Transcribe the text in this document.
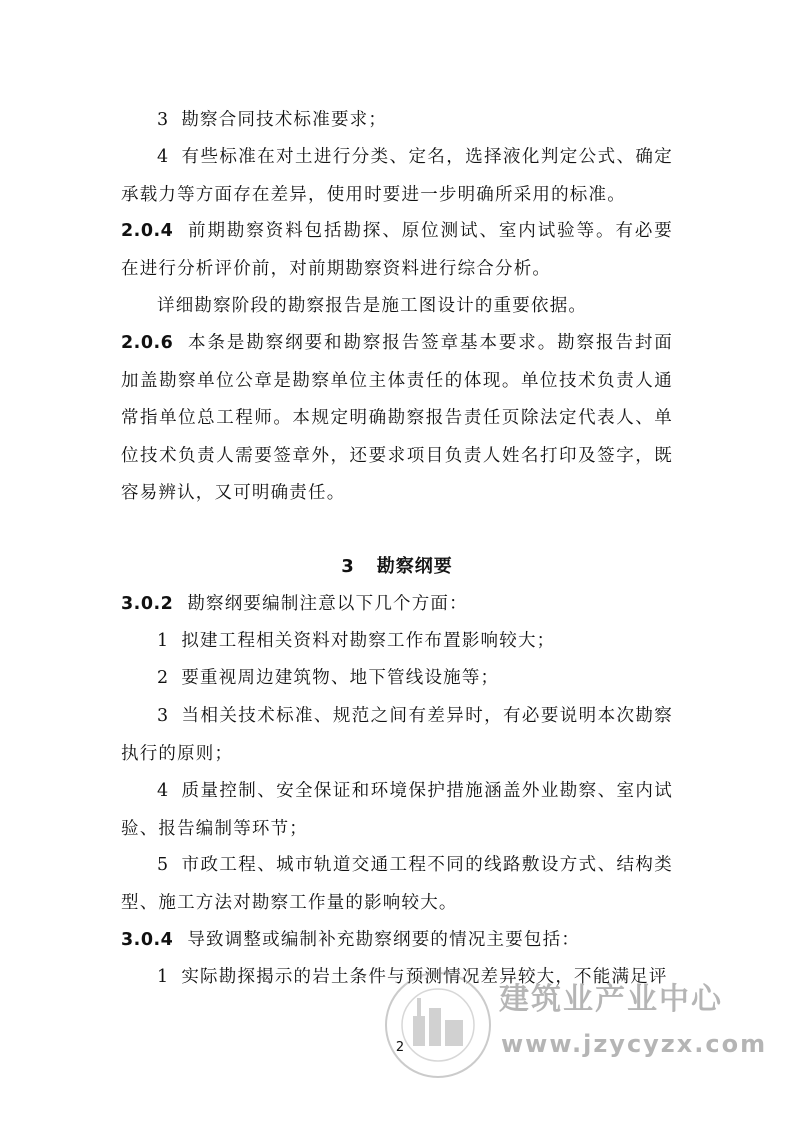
3 勘察合同技术标准要求；

4 有些标准在对土进行分类、定名，选择液化判定公式、确定承载力等方面存在差异，使用时要进一步明确所采用的标准。

2.0.4 前期勘察资料包括勘探、原位测试、室内试验等。有必要在进行分析评价前，对前期勘察资料进行综合分析。

详细勘察阶段的勘察报告是施工图设计的重要依据。

2.0.6 本条是勘察纲要和勘察报告签章基本要求。勘察报告封面加盖勘察单位公章是勘察单位主体责任的体现。单位技术负责人通常指单位总工程师。本规定明确勘察报告责任页除法定代表人、单位技术负责人需要签章外，还要求项目负责人姓名打印及签字，既容易辨认，又可明确责任。

3 勘察纲要

3.0.2 勘察纲要编制注意以下几个方面：

1 拟建工程相关资料对勘察工作布置影响较大；

2 要重视周边建筑物、地下管线设施等；

3 当相关技术标准、规范之间有差异时，有必要说明本次勘察执行的原则；

4 质量控制、安全保证和环境保护措施涵盖外业勘察、室内试验、报告编制等环节；

5 市政工程、城市轨道交通工程不同的线路敷设方式、结构类型、施工方法对勘察工作量的影响较大。

3.0.4 导致调整或编制补充勘察纲要的情况主要包括：

1 实际勘探揭示的岩土条件与预测情况差异较大，不能满足评

建筑业产业中心
www.jzycyzx.com
2
